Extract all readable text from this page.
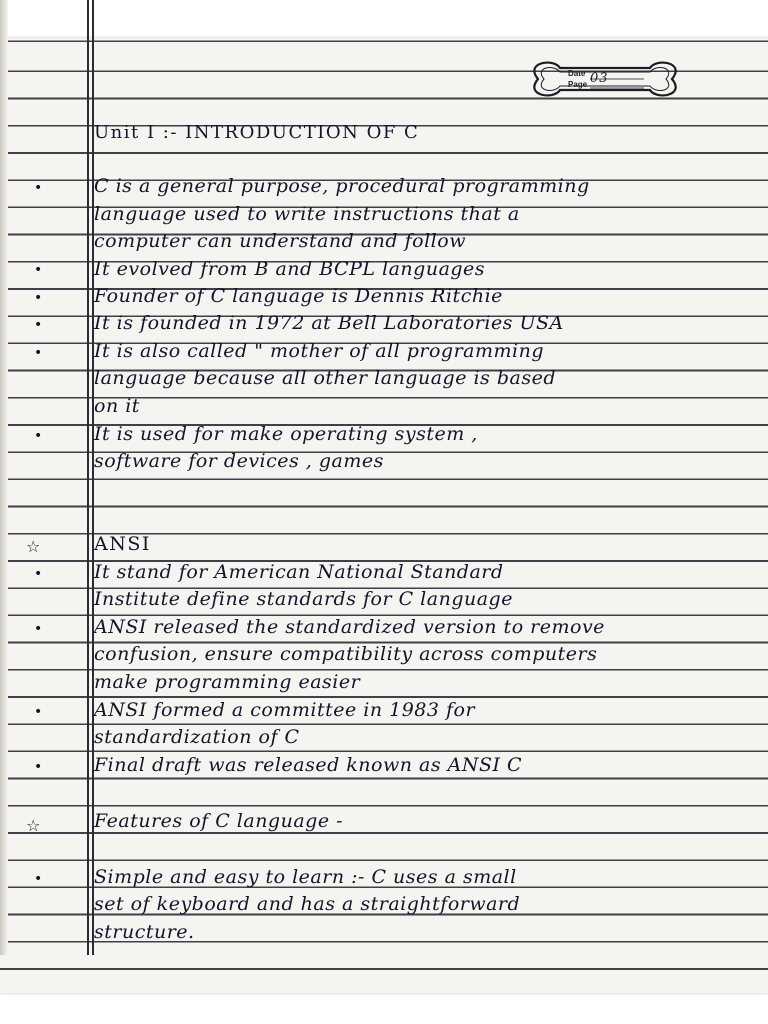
Date
Page 03
Unit I :- INTRODUCTION OF C
•	C is a general purpose, procedural programming
language used to write instructions that a
computer can understand and follow
•	It evolved from B and BCPL languages
•	Founder of C language is Dennis Ritchie
•	It is founded in 1972 at Bell Laboratories USA
•	It is also called " mother of all programming
language because all other language is based
on it
•	It is used for make operating system ,
software for devices , games
☆	ANSI
•	It stand for American National Standard
Institute define standards for C language
•	ANSI released the standardized version to remove
confusion, ensure compatibility across computers
make programming easier
•	ANSI formed a committee in 1983 for
standardization of C
•	Final draft was released known as ANSI C
☆	Features of C language -
•	Simple and easy to learn :- C uses a small
set of keyboard and has a straightforward
structure.
